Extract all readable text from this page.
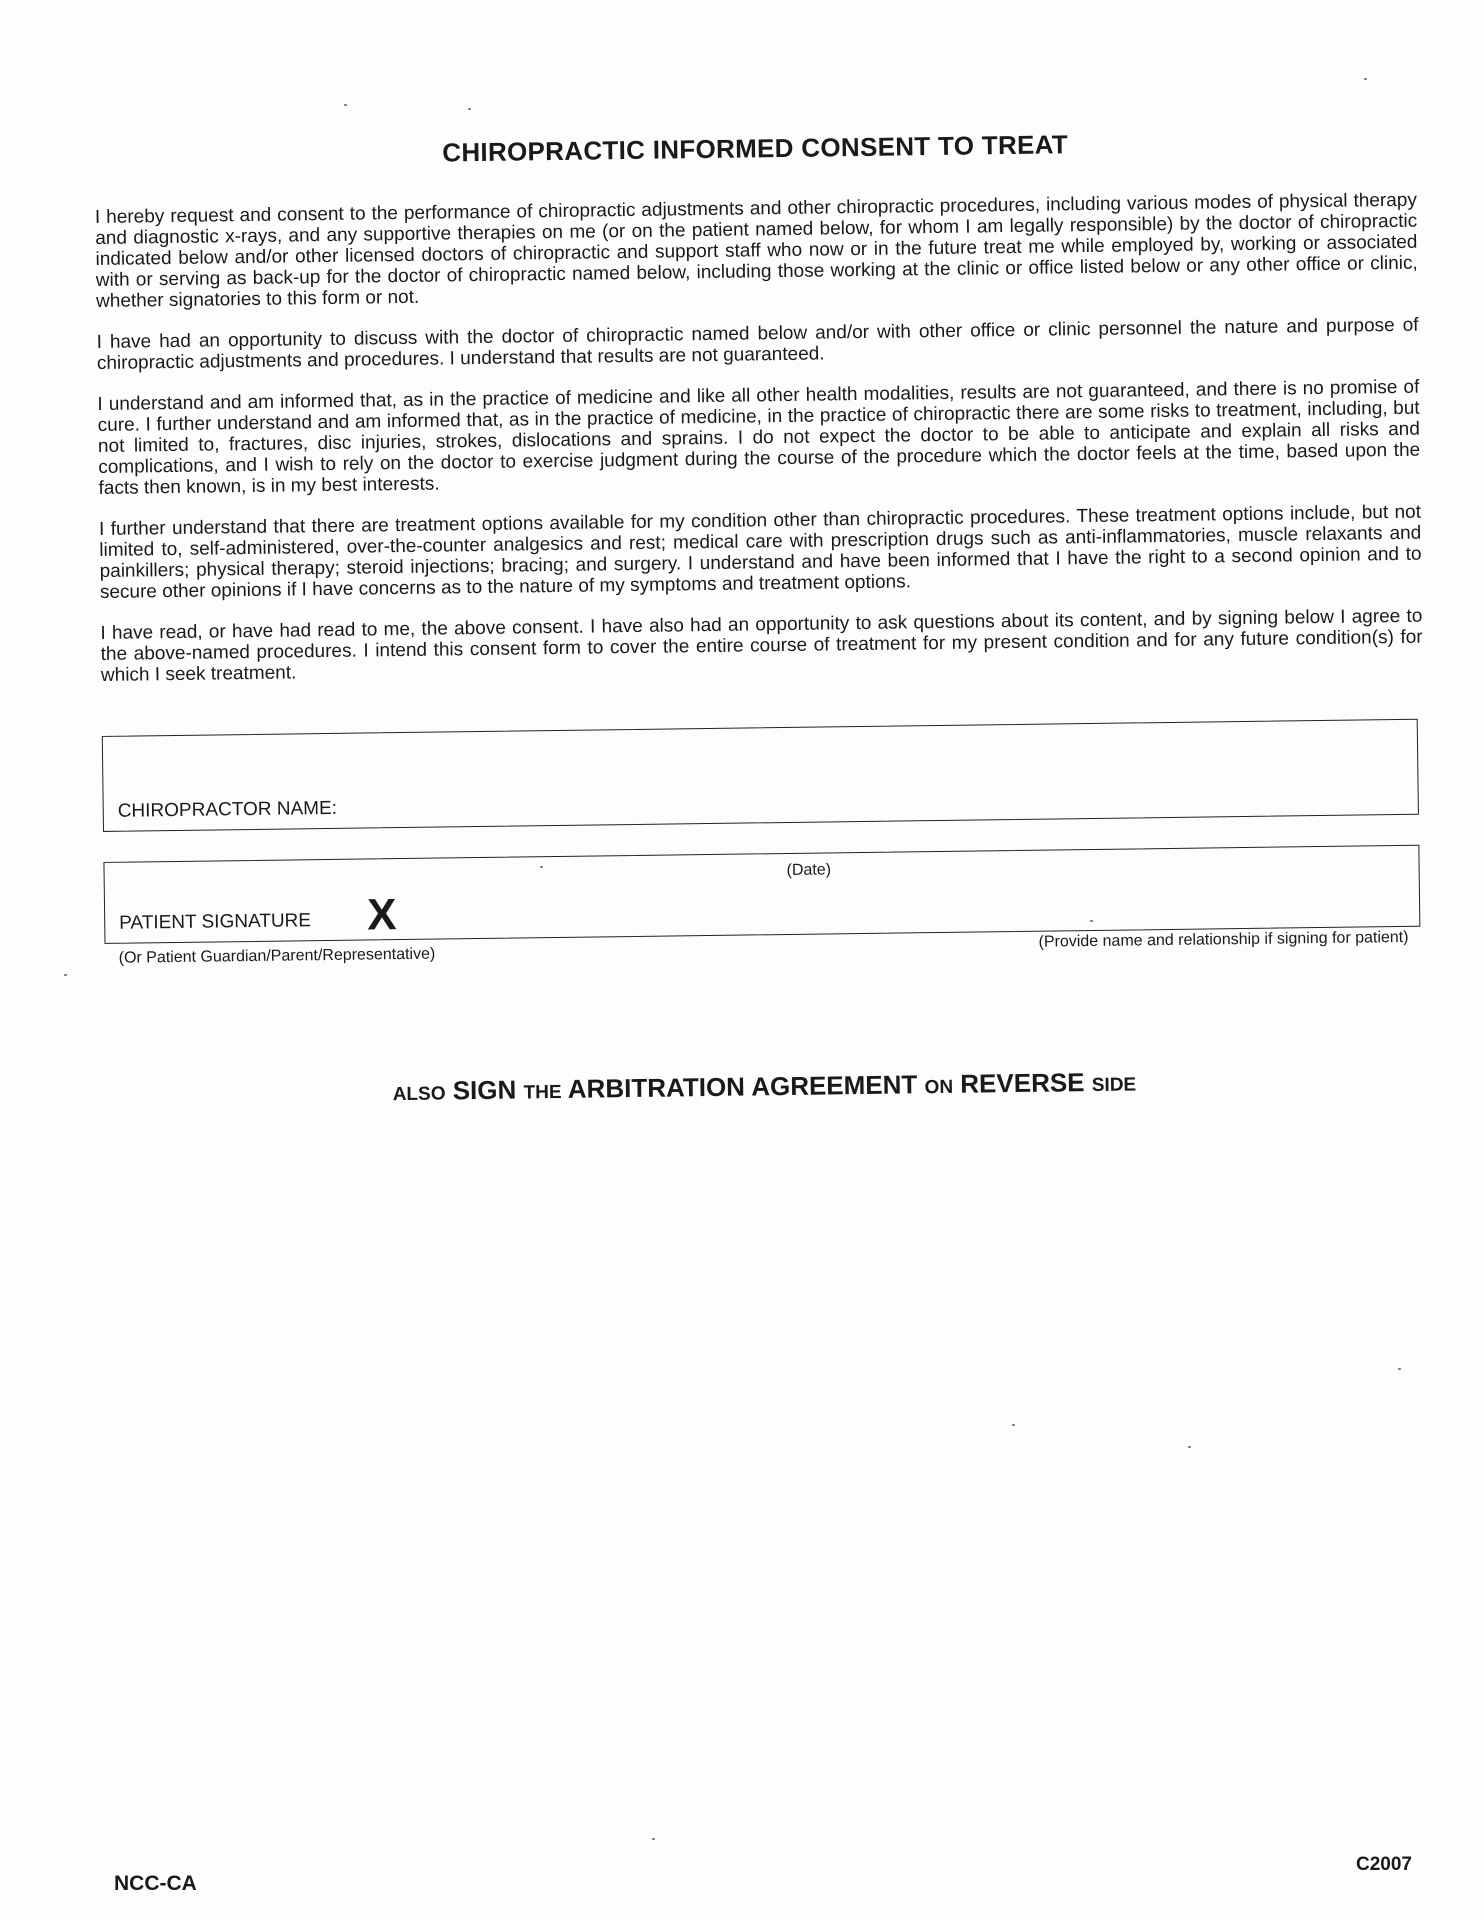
CHIROPRACTIC INFORMED CONSENT TO TREAT

I hereby request and consent to the performance of chiropractic adjustments and other chiropractic procedures, including various modes of physical therapy and diagnostic x-rays, and any supportive therapies on me (or on the patient named below, for whom I am legally responsible) by the doctor of chiropractic indicated below and/or other licensed doctors of chiropractic and support staff who now or in the future treat me while employed by, working or associated with or serving as back-up for the doctor of chiropractic named below, including those working at the clinic or office listed below or any other office or clinic, whether signatories to this form or not.

I have had an opportunity to discuss with the doctor of chiropractic named below and/or with other office or clinic personnel the nature and purpose of chiropractic adjustments and procedures. I understand that results are not guaranteed.

I understand and am informed that, as in the practice of medicine and like all other health modalities, results are not guaranteed, and there is no promise of cure. I further understand and am informed that, as in the practice of medicine, in the practice of chiropractic there are some risks to treatment, including, but not limited to, fractures, disc injuries, strokes, dislocations and sprains. I do not expect the doctor to be able to anticipate and explain all risks and complications, and I wish to rely on the doctor to exercise judgment during the course of the procedure which the doctor feels at the time, based upon the facts then known, is in my best interests.

I further understand that there are treatment options available for my condition other than chiropractic procedures. These treatment options include, but not limited to, self-administered, over-the-counter analgesics and rest; medical care with prescription drugs such as anti-inflammatories, muscle relaxants and painkillers; physical therapy; steroid injections; bracing; and surgery. I understand and have been informed that I have the right to a second opinion and to secure other opinions if I have concerns as to the nature of my symptoms and treatment options.

I have read, or have had read to me, the above consent. I have also had an opportunity to ask questions about its content, and by signing below I agree to the above-named procedures. I intend this consent form to cover the entire course of treatment for my present condition and for any future condition(s) for which I seek treatment.

CHIROPRACTOR NAME:
(Date)
PATIENT SIGNATURE X
(Or Patient Guardian/Parent/Representative)
(Provide name and relationship if signing for patient)
ALSO SIGN THE ARBITRATION AGREEMENT ON REVERSE SIDE
NCC-CA
C2007
